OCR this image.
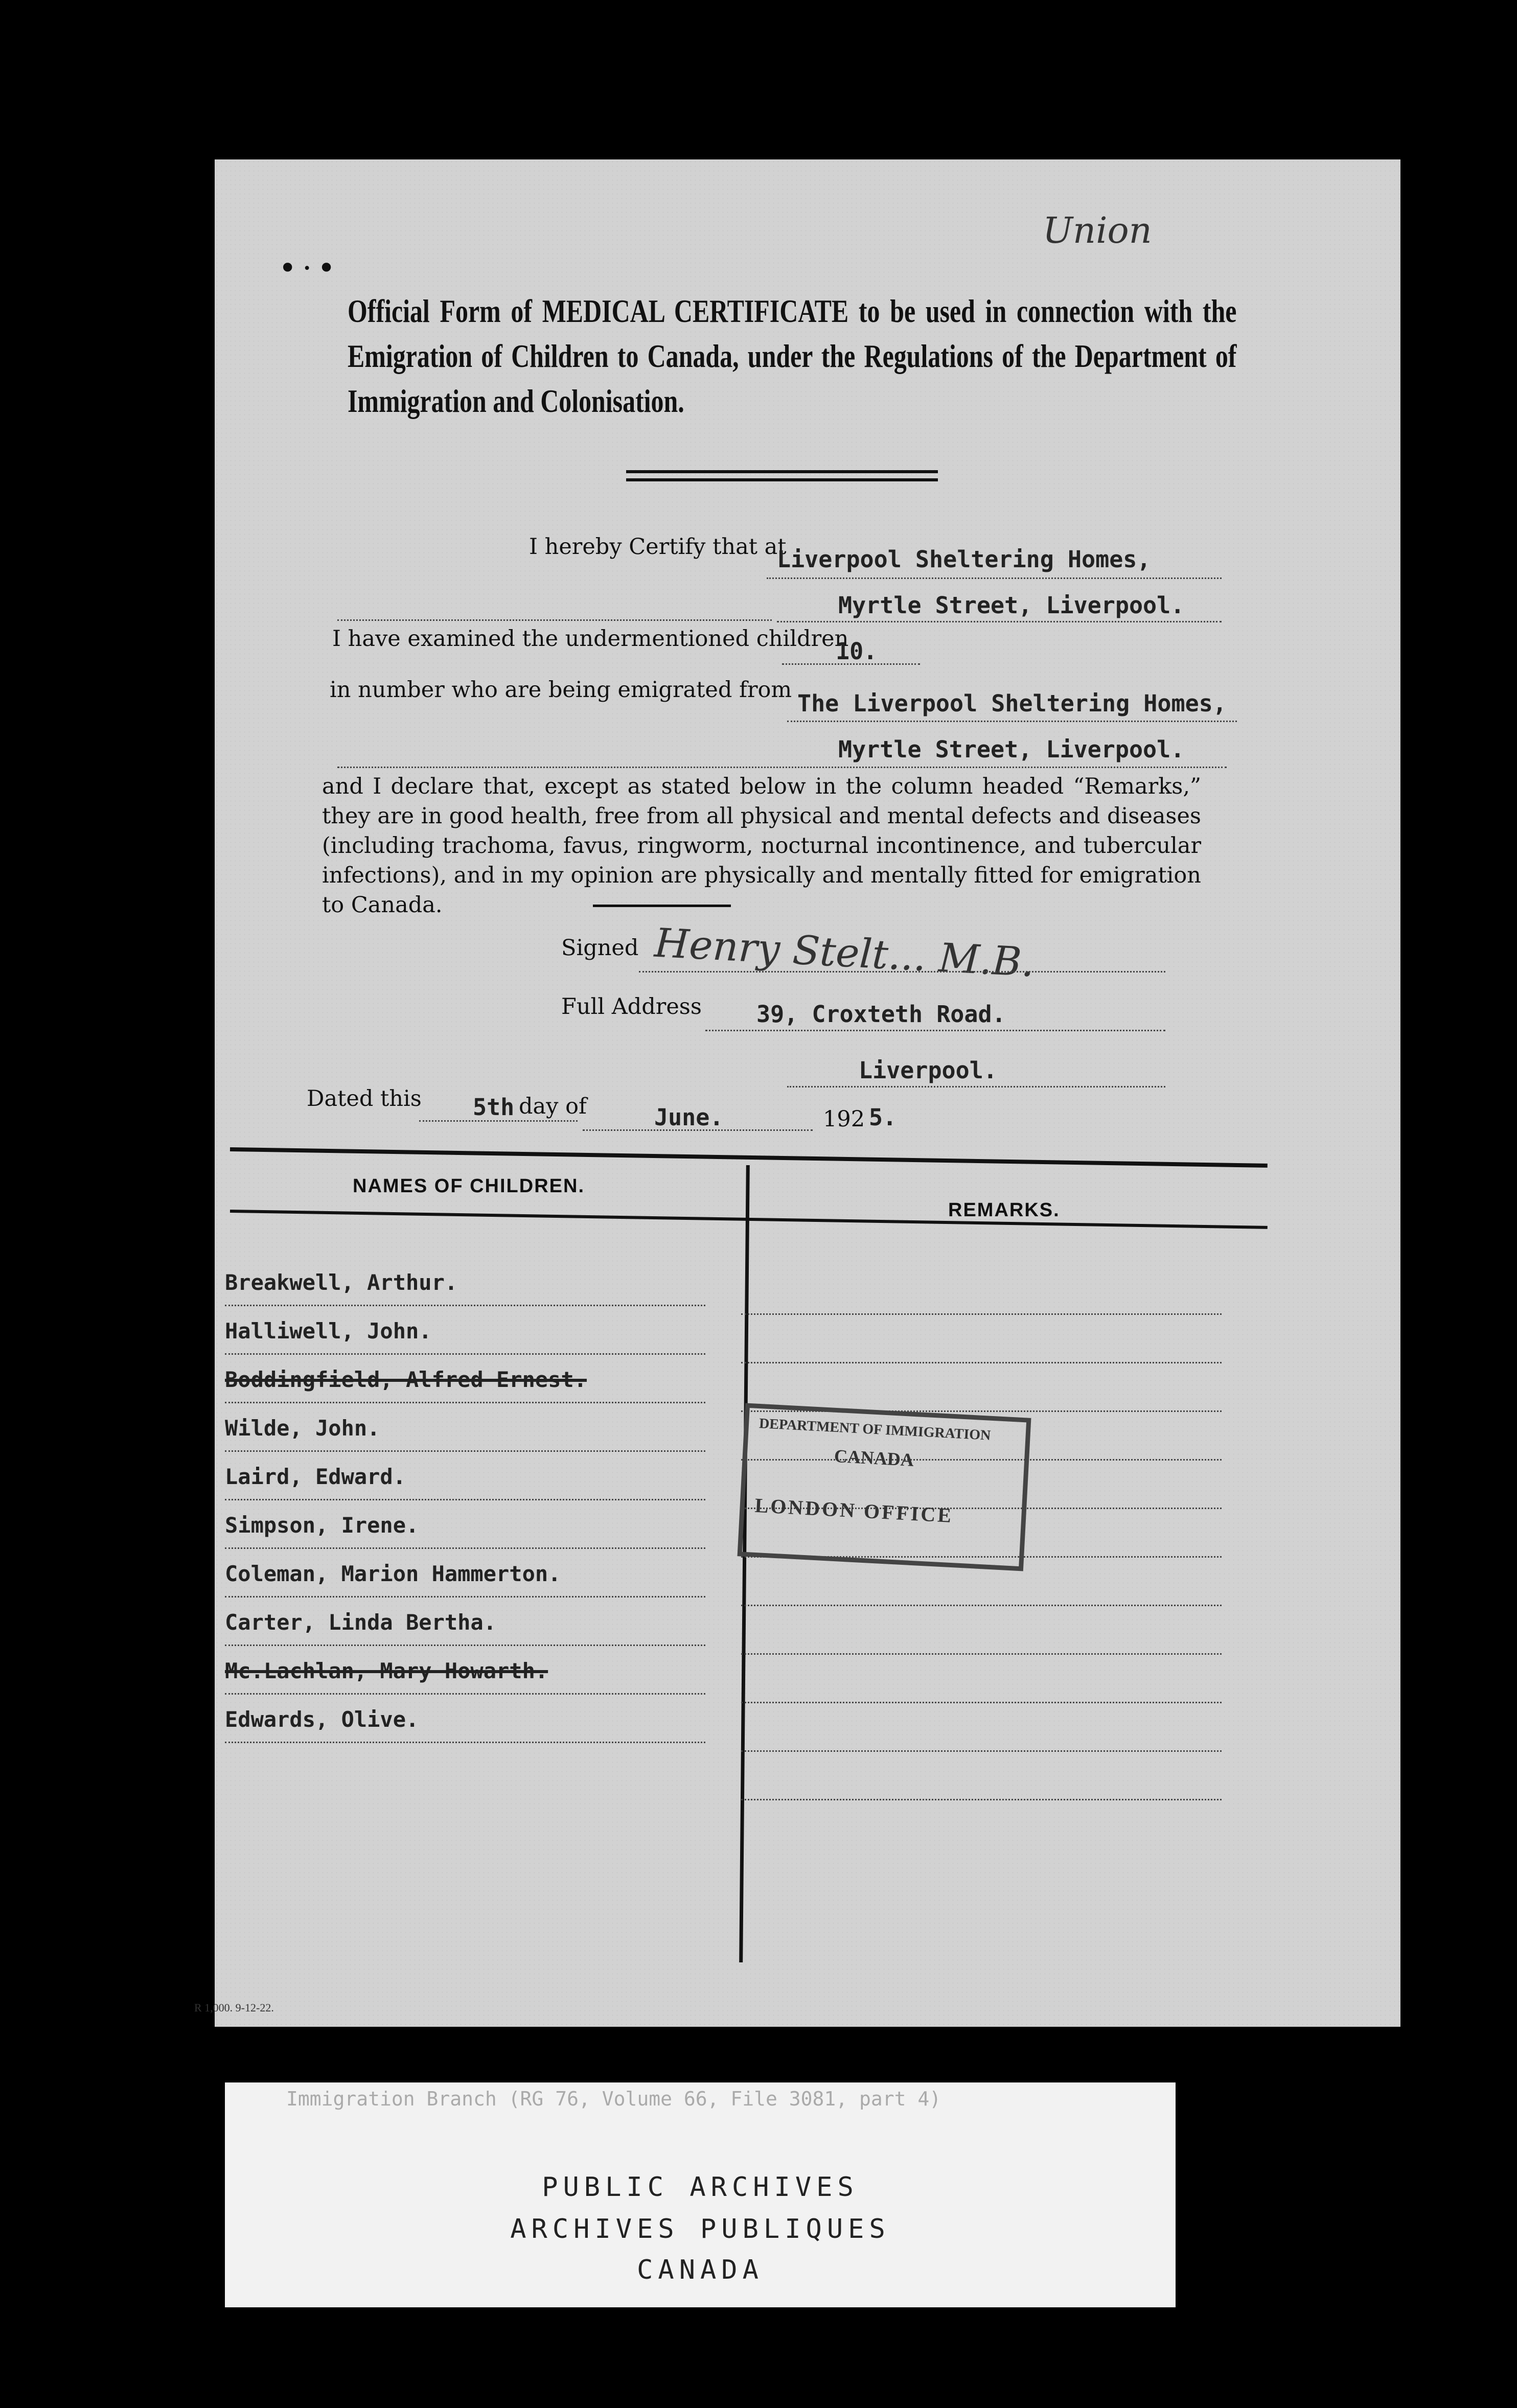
Union
•⋅•
Official Form of MEDICAL CERTIFICATE to be used in connection with the Emigration of Children to Canada, under the Regulations of the Department of Immigration and Colonisation.
I hereby Certify that at
Liverpool Sheltering Homes,
Myrtle Street, Liverpool.
I have examined the undermentioned children
10.
in number who are being emigrated from The Liverpool Sheltering Homes,
Myrtle Street, Liverpool.
and I declare that, except as stated below in the column headed “Remarks,” they are in good health, free from all physical and mental defects and diseases (including trachoma, favus, ringworm, nocturnal incontinence, and tubercular infections), and in my opinion are physically and mentally fitted for emigration to Canada.
Signed Henry Stelt... M.B.
Full Address 39, Croxteth Road.
Liverpool.
Dated this 5th day of	June.	192 5.
NAMES OF CHILDREN.
REMARKS.
Breakwell, Arthur.
Halliwell, John.
Boddingfield, Alfred Ernest.
Wilde, John.
Laird, Edward.
Simpson, Irene.
Coleman, Marion Hammerton.
Carter, Linda Bertha.
Mc.Lachlan, Mary Howarth.
Edwards, Olive.
DEPARTMENT OF IMMIGRATION
CANADA
LONDON OFFICE
R 1,000. 9-12-22.
Immigration Branch (RG 76, Volume 66, File 3081, part 4)
PUBLIC ARCHIVES
ARCHIVES PUBLIQUES
CANADA
